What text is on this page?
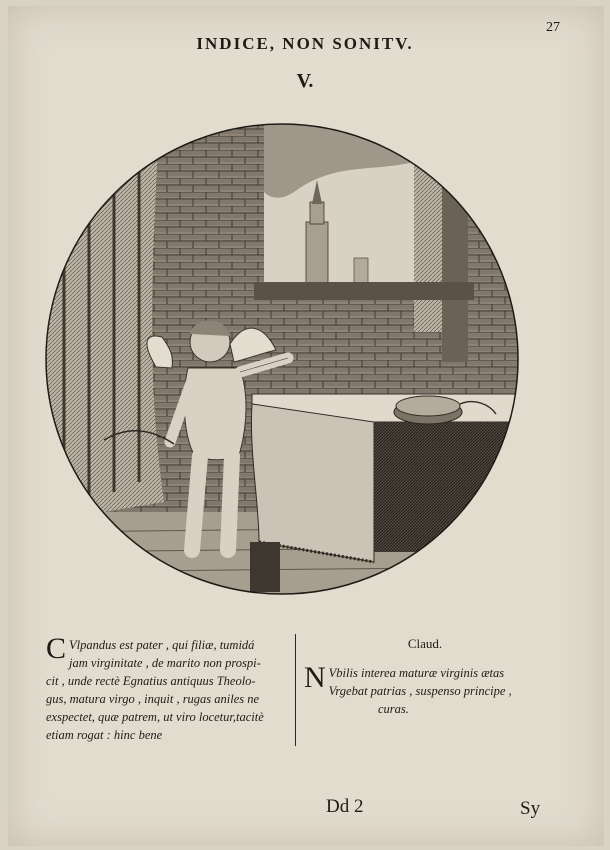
27
INDICE, NON SONITV.
V.
C Vlpandus est pater , qui filiæ, tumidá
jam virginitate , de marito non prospi-
cit , unde rectè Egnatius antiquus Theolo-
gus, matura virgo , inquit , rugas aniles ne
exspectet, quæ patrem, ut viro locetur,tacitè
etiam rogat : hinc bene
Claud.
N Vbilis interea maturæ virginis ætas
Vrgebat patrias , suspenso principe ,
curas.
Dd 2	Sy
